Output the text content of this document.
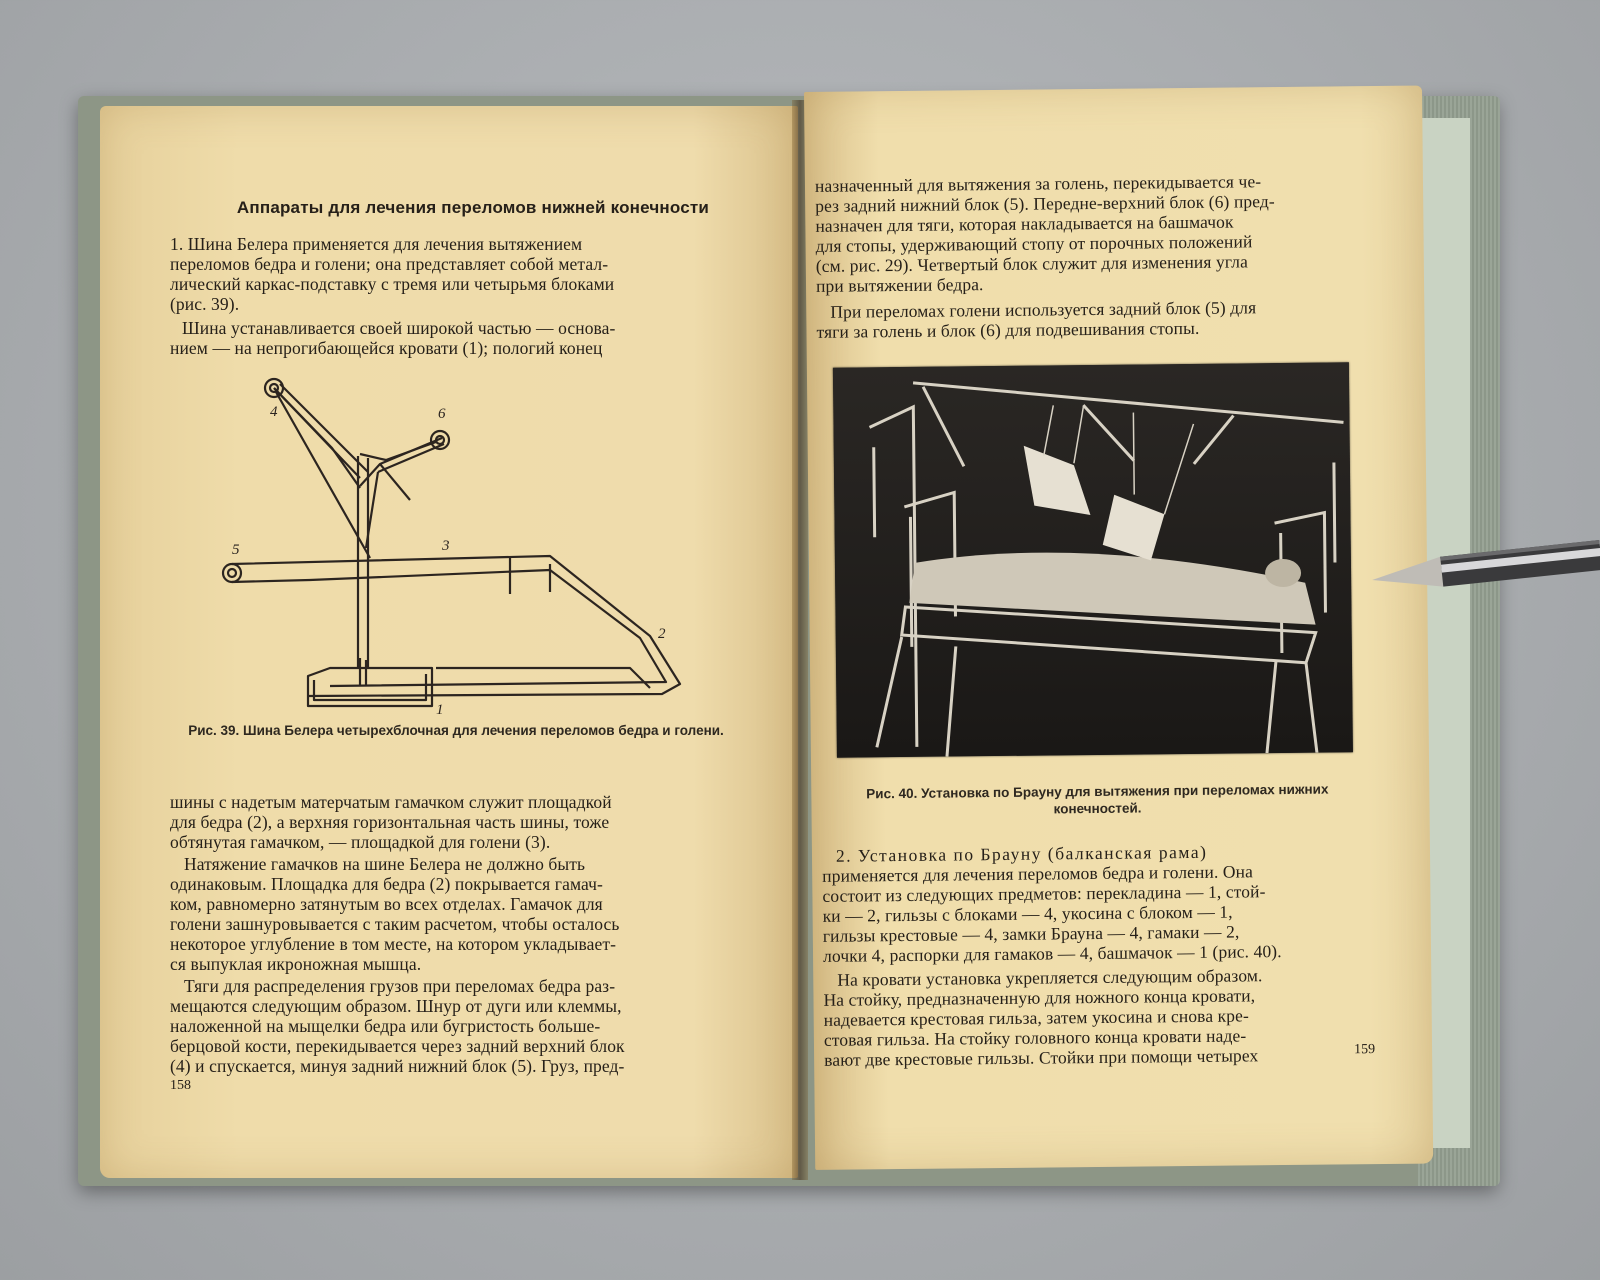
Аппараты для лечения переломов нижней конечности
1. Шина Белера применяется для лечения вытяжением
переломов бедра и голени; она представляет собой метал-
лический каркас-подставку с тремя или четырьмя блоками
(рис. 39).
Шина устанавливается своей широкой частью — основа-
нием — на непрогибающейся кровати (1); пологий конец
4	6
5	3
2
1
Рис. 39. Шина Белера четырехблочная для лечения переломов бедра и голени.
шины с надетым матерчатым гамачком служит площадкой
для бедра (2), а верхняя горизонтальная часть шины, тоже
обтянутая гамачком, — площадкой для голени (3).
Натяжение гамачков на шине Белера не должно быть
одинаковым. Площадка для бедра (2) покрывается гамач-
ком, равномерно затянутым во всех отделах. Гамачок для
голени зашнуровывается с таким расчетом, чтобы осталось
некоторое углубление в том месте, на котором укладывает-
ся выпуклая икроножная мышца.
Тяги для распределения грузов при переломах бедра раз-
мещаются следующим образом. Шнур от дуги или клеммы,
наложенной на мыщелки бедра или бугристость больше-
берцовой кости, перекидывается через задний верхний блок
(4) и спускается, минуя задний нижний блок (5). Груз, пред-
158
назначенный для вытяжения за голень, перекидывается че-
рез задний нижний блок (5). Передне-верхний блок (6) пред-
назначен для тяги, которая накладывается на башмачок
для стопы, удерживающий стопу от порочных положений
(см. рис. 29). Четвертый блок служит для изменения угла
при вытяжении бедра.
При переломах голени используется задний блок (5) для
тяги за голень и блок (6) для подвешивания стопы.
Рис. 40. Установка по Брауну для вытяжения при переломах нижних конечностей.
2. Установка по Брауну (балканская рама)
применяется для лечения переломов бедра и голени. Она
состоит из следующих предметов: перекладина — 1, стой-
ки — 2, гильзы с блоками — 4, укосина с блоком — 1,
гильзы крестовые — 4, замки Брауна — 4, гамаки — 2,
лочки 4, распорки для гамаков — 4, башмачок — 1 (рис. 40).
На кровати установка укрепляется следующим образом.
На стойку, предназначенную для ножного конца кровати,
надевается крестовая гильза, затем укосина и снова кре-
стовая гильза. На стойку головного конца кровати наде-
вают две крестовые гильзы. Стойки при помощи четырех	159
